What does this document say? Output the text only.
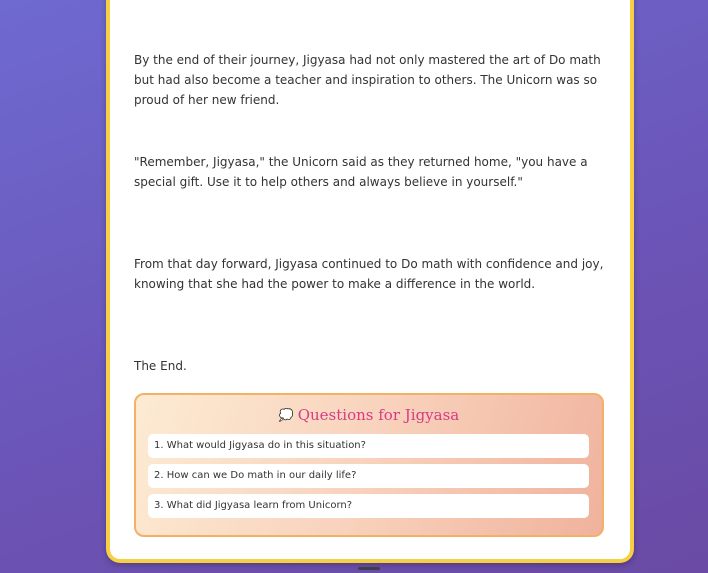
By the end of their journey, Jigyasa had not only mastered the art of Do math but had also become a teacher and inspiration to others. The Unicorn was so proud of her new friend.

"Remember, Jigyasa," the Unicorn said as they returned home, "you have a special gift. Use it to help others and always believe in yourself."

From that day forward, Jigyasa continued to Do math with confidence and joy, knowing that she had the power to make a difference in the world.

The End.

💭 Questions for Jigyasa
1. What would Jigyasa do in this situation?
2. How can we Do math in our daily life?
3. What did Jigyasa learn from Unicorn?
